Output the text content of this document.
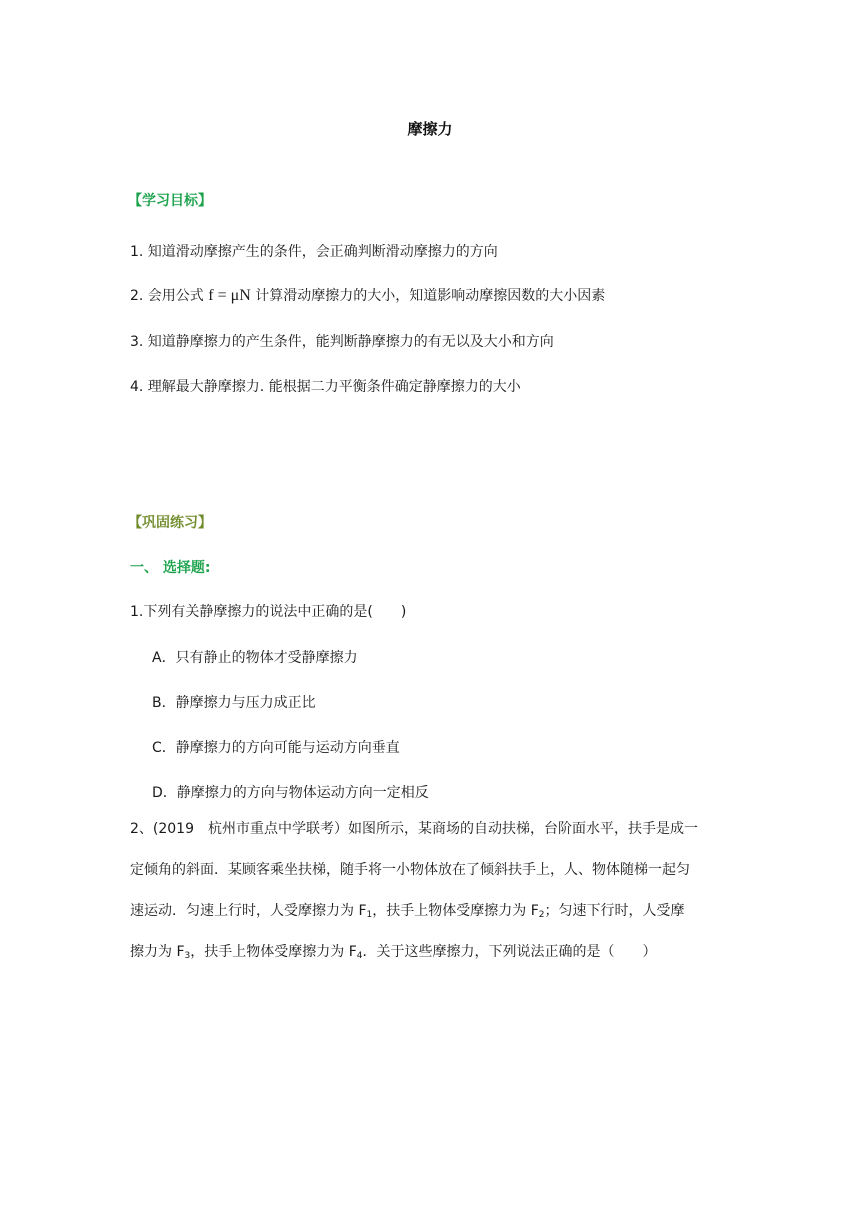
摩擦力
【学习目标】
1. 知道滑动摩擦产生的条件，会正确判断滑动摩擦力的方向
2. 会用公式 f = μN 计算滑动摩擦力的大小，知道影响动摩擦因数的大小因素
3. 知道静摩擦力的产生条件，能判断静摩擦力的有无以及大小和方向
4. 理解最大静摩擦力. 能根据二力平衡条件确定静摩擦力的大小
【巩固练习】
一、 选择题:
1.下列有关静摩擦力的说法中正确的是(　　)
A．只有静止的物体才受静摩擦力
B．静摩擦力与压力成正比
C．静摩擦力的方向可能与运动方向垂直
D．静摩擦力的方向与物体运动方向一定相反
2、(2019　杭州市重点中学联考）如图所示，某商场的自动扶梯，台阶面水平，扶手是成一
定倾角的斜面．某顾客乘坐扶梯，随手将一小物体放在了倾斜扶手上，人、物体随梯一起匀
速运动．匀速上行时，人受摩擦力为 $F_1$，扶手上物体受摩擦力为 $F_2$；匀速下行时，人受摩
擦力为 $F_3$，扶手上物体受摩擦力为 $F_4$．关于这些摩擦力，下列说法正确的是（　　）
